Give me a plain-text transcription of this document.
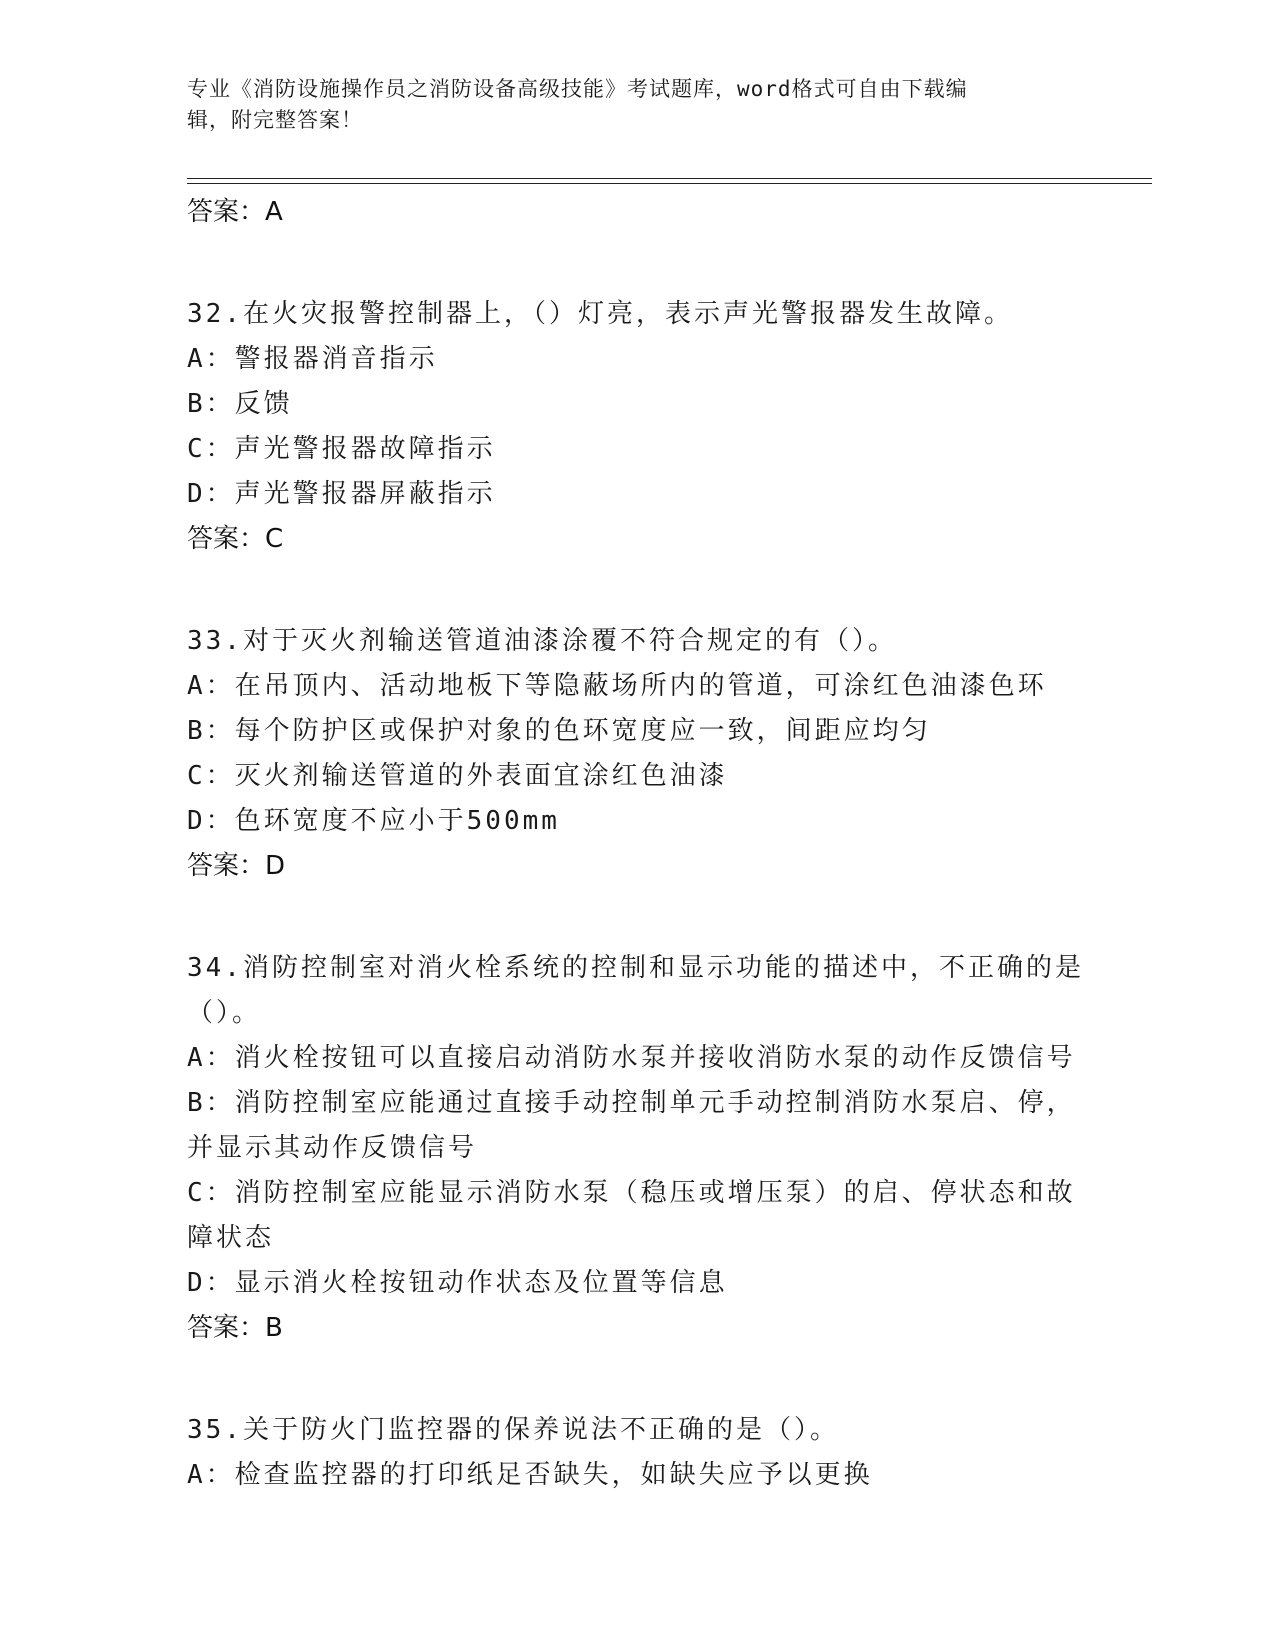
专业《消防设施操作员之消防设备高级技能》考试题库，word格式可自由下载编
辑，附完整答案！
答案：A
32.在火灾报警控制器上，（）灯亮，表示声光警报器发生故障。
A：警报器消音指示
B：反馈
C：声光警报器故障指示
D：声光警报器屏蔽指示
答案：C
33.对于灭火剂输送管道油漆涂覆不符合规定的有（）。
A：在吊顶内、活动地板下等隐蔽场所内的管道，可涂红色油漆色环
B：每个防护区或保护对象的色环宽度应一致，间距应均匀
C：灭火剂输送管道的外表面宜涂红色油漆
D：色环宽度不应小于500mm
答案：D
34.消防控制室对消火栓系统的控制和显示功能的描述中，不正确的是
（）。
A：消火栓按钮可以直接启动消防水泵并接收消防水泵的动作反馈信号
B：消防控制室应能通过直接手动控制单元手动控制消防水泵启、停，
并显示其动作反馈信号
C：消防控制室应能显示消防水泵（稳压或增压泵）的启、停状态和故
障状态
D：显示消火栓按钮动作状态及位置等信息
答案：B
35.关于防火门监控器的保养说法不正确的是（）。
A：检查监控器的打印纸足否缺失，如缺失应予以更换
